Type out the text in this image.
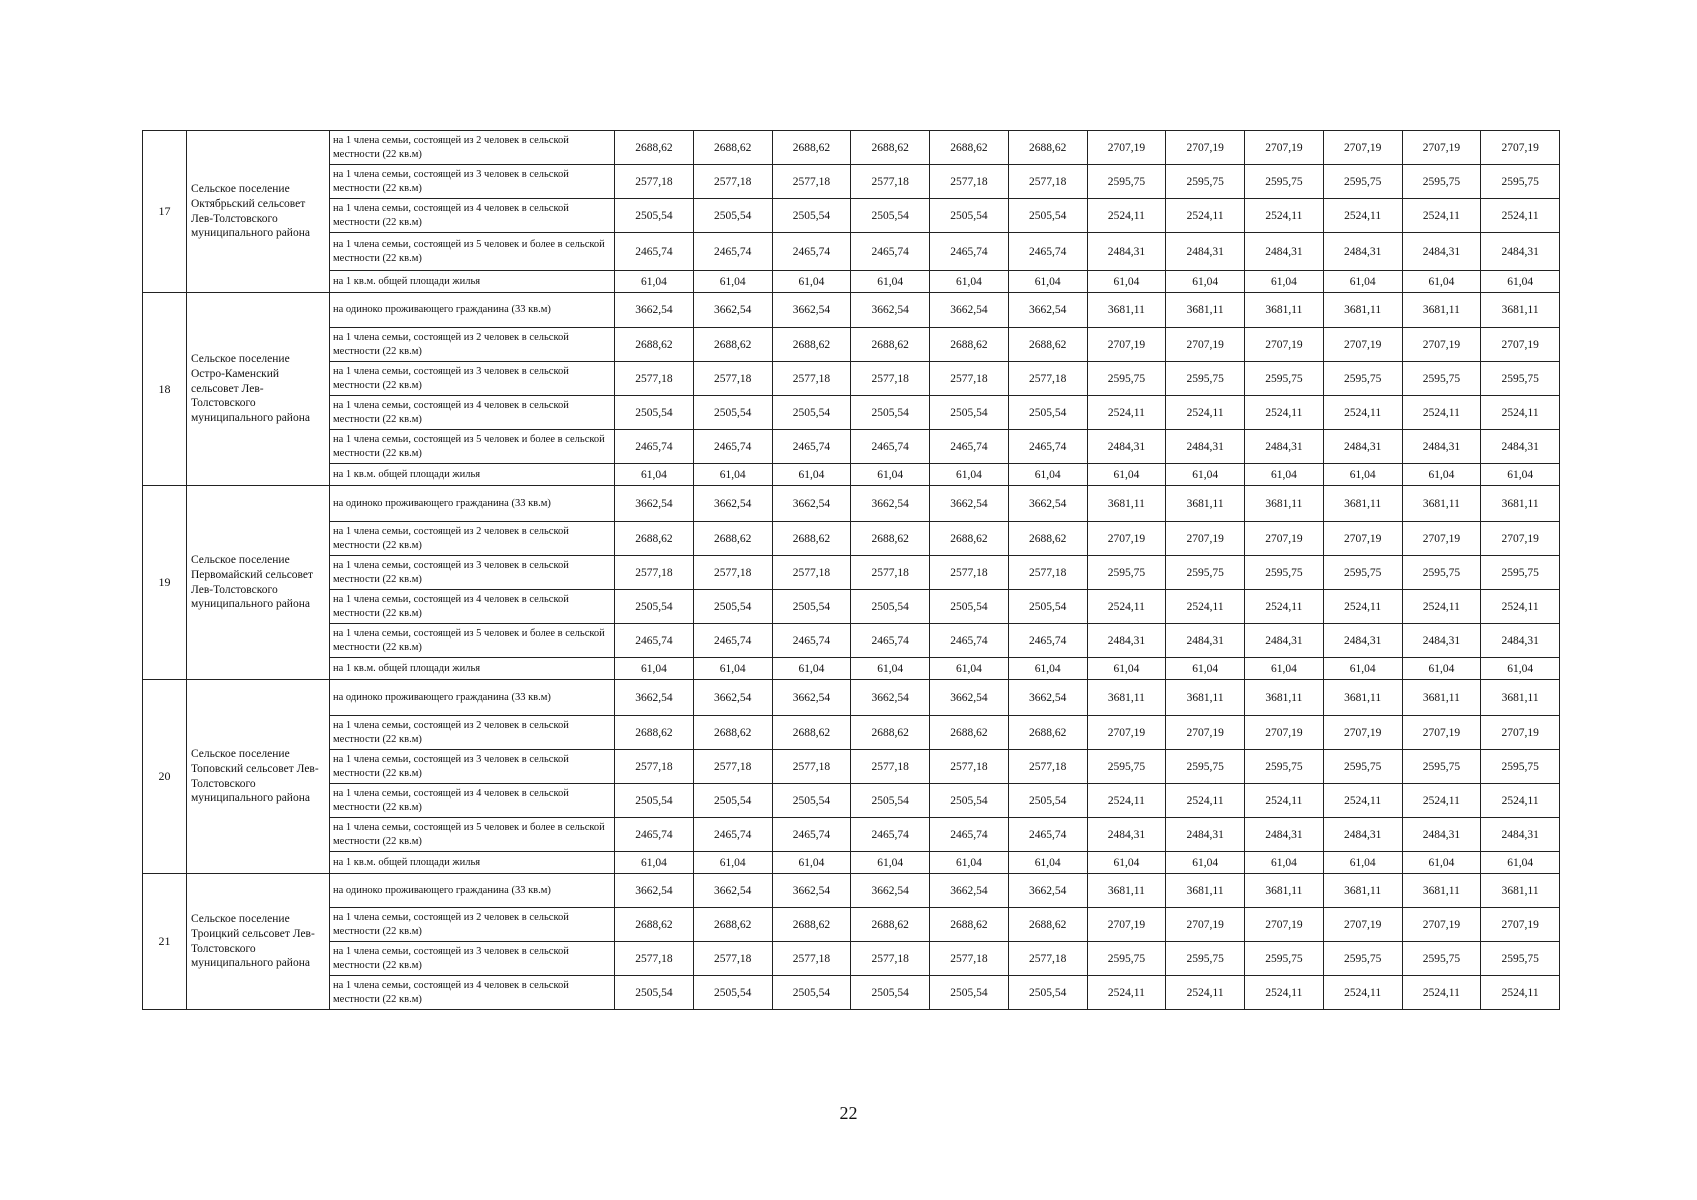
17	Сельское поселение Октябрьский сельсовет Лев-Толстовского муниципального района	на 1 члена семьи, состоящей из 2 человек в сельской местности (22 кв.м)	2688,62	2688,62	2688,62	2688,62	2688,62	2688,62	2707,19	2707,19	2707,19	2707,19	2707,19	2707,19
		на 1 члена семьи, состоящей из 3 человек в сельской местности (22 кв.м)	2577,18	2577,18	2577,18	2577,18	2577,18	2577,18	2595,75	2595,75	2595,75	2595,75	2595,75	2595,75
		на 1 члена семьи, состоящей из 4 человек в сельской местности (22 кв.м)	2505,54	2505,54	2505,54	2505,54	2505,54	2505,54	2524,11	2524,11	2524,11	2524,11	2524,11	2524,11
		на 1 члена семьи, состоящей из 5 человек и более в сельской местности (22 кв.м)	2465,74	2465,74	2465,74	2465,74	2465,74	2465,74	2484,31	2484,31	2484,31	2484,31	2484,31	2484,31
		на 1 кв.м. общей площади жилья	61,04	61,04	61,04	61,04	61,04	61,04	61,04	61,04	61,04	61,04	61,04	61,04
18	Сельское поселение Остро-Каменский сельсовет Лев-Толстовского муниципального района	на одиноко проживающего гражданина (33 кв.м)	3662,54	3662,54	3662,54	3662,54	3662,54	3662,54	3681,11	3681,11	3681,11	3681,11	3681,11	3681,11
		на 1 члена семьи, состоящей из 2 человек в сельской местности (22 кв.м)	2688,62	2688,62	2688,62	2688,62	2688,62	2688,62	2707,19	2707,19	2707,19	2707,19	2707,19	2707,19
		на 1 члена семьи, состоящей из 3 человек в сельской местности (22 кв.м)	2577,18	2577,18	2577,18	2577,18	2577,18	2577,18	2595,75	2595,75	2595,75	2595,75	2595,75	2595,75
		на 1 члена семьи, состоящей из 4 человек в сельской местности (22 кв.м)	2505,54	2505,54	2505,54	2505,54	2505,54	2505,54	2524,11	2524,11	2524,11	2524,11	2524,11	2524,11
		на 1 члена семьи, состоящей из 5 человек и более в сельской местности (22 кв.м)	2465,74	2465,74	2465,74	2465,74	2465,74	2465,74	2484,31	2484,31	2484,31	2484,31	2484,31	2484,31
		на 1 кв.м. общей площади жилья	61,04	61,04	61,04	61,04	61,04	61,04	61,04	61,04	61,04	61,04	61,04	61,04
19	Сельское поселение Первомайский сельсовет Лев-Толстовского муниципального района	на одиноко проживающего гражданина (33 кв.м)	3662,54	3662,54	3662,54	3662,54	3662,54	3662,54	3681,11	3681,11	3681,11	3681,11	3681,11	3681,11
		на 1 члена семьи, состоящей из 2 человек в сельской местности (22 кв.м)	2688,62	2688,62	2688,62	2688,62	2688,62	2688,62	2707,19	2707,19	2707,19	2707,19	2707,19	2707,19
		на 1 члена семьи, состоящей из 3 человек в сельской местности (22 кв.м)	2577,18	2577,18	2577,18	2577,18	2577,18	2577,18	2595,75	2595,75	2595,75	2595,75	2595,75	2595,75
		на 1 члена семьи, состоящей из 4 человек в сельской местности (22 кв.м)	2505,54	2505,54	2505,54	2505,54	2505,54	2505,54	2524,11	2524,11	2524,11	2524,11	2524,11	2524,11
		на 1 члена семьи, состоящей из 5 человек и более в сельской местности (22 кв.м)	2465,74	2465,74	2465,74	2465,74	2465,74	2465,74	2484,31	2484,31	2484,31	2484,31	2484,31	2484,31
		на 1 кв.м. общей площади жилья	61,04	61,04	61,04	61,04	61,04	61,04	61,04	61,04	61,04	61,04	61,04	61,04
20	Сельское поселение Топовский сельсовет Лев-Толстовского муниципального района	на одиноко проживающего гражданина (33 кв.м)	3662,54	3662,54	3662,54	3662,54	3662,54	3662,54	3681,11	3681,11	3681,11	3681,11	3681,11	3681,11
		на 1 члена семьи, состоящей из 2 человек в сельской местности (22 кв.м)	2688,62	2688,62	2688,62	2688,62	2688,62	2688,62	2707,19	2707,19	2707,19	2707,19	2707,19	2707,19
		на 1 члена семьи, состоящей из 3 человек в сельской местности (22 кв.м)	2577,18	2577,18	2577,18	2577,18	2577,18	2577,18	2595,75	2595,75	2595,75	2595,75	2595,75	2595,75
		на 1 члена семьи, состоящей из 4 человек в сельской местности (22 кв.м)	2505,54	2505,54	2505,54	2505,54	2505,54	2505,54	2524,11	2524,11	2524,11	2524,11	2524,11	2524,11
		на 1 члена семьи, состоящей из 5 человек и более в сельской местности (22 кв.м)	2465,74	2465,74	2465,74	2465,74	2465,74	2465,74	2484,31	2484,31	2484,31	2484,31	2484,31	2484,31
		на 1 кв.м. общей площади жилья	61,04	61,04	61,04	61,04	61,04	61,04	61,04	61,04	61,04	61,04	61,04	61,04
21	Сельское поселение Троицкий сельсовет Лев-Толстовского муниципального района	на одиноко проживающего гражданина (33 кв.м)	3662,54	3662,54	3662,54	3662,54	3662,54	3662,54	3681,11	3681,11	3681,11	3681,11	3681,11	3681,11
		на 1 члена семьи, состоящей из 2 человек в сельской местности (22 кв.м)	2688,62	2688,62	2688,62	2688,62	2688,62	2688,62	2707,19	2707,19	2707,19	2707,19	2707,19	2707,19
		на 1 члена семьи, состоящей из 3 человек в сельской местности (22 кв.м)	2577,18	2577,18	2577,18	2577,18	2577,18	2577,18	2595,75	2595,75	2595,75	2595,75	2595,75	2595,75
		на 1 члена семьи, состоящей из 4 человек в сельской местности (22 кв.м)	2505,54	2505,54	2505,54	2505,54	2505,54	2505,54	2524,11	2524,11	2524,11	2524,11	2524,11	2524,11
22
